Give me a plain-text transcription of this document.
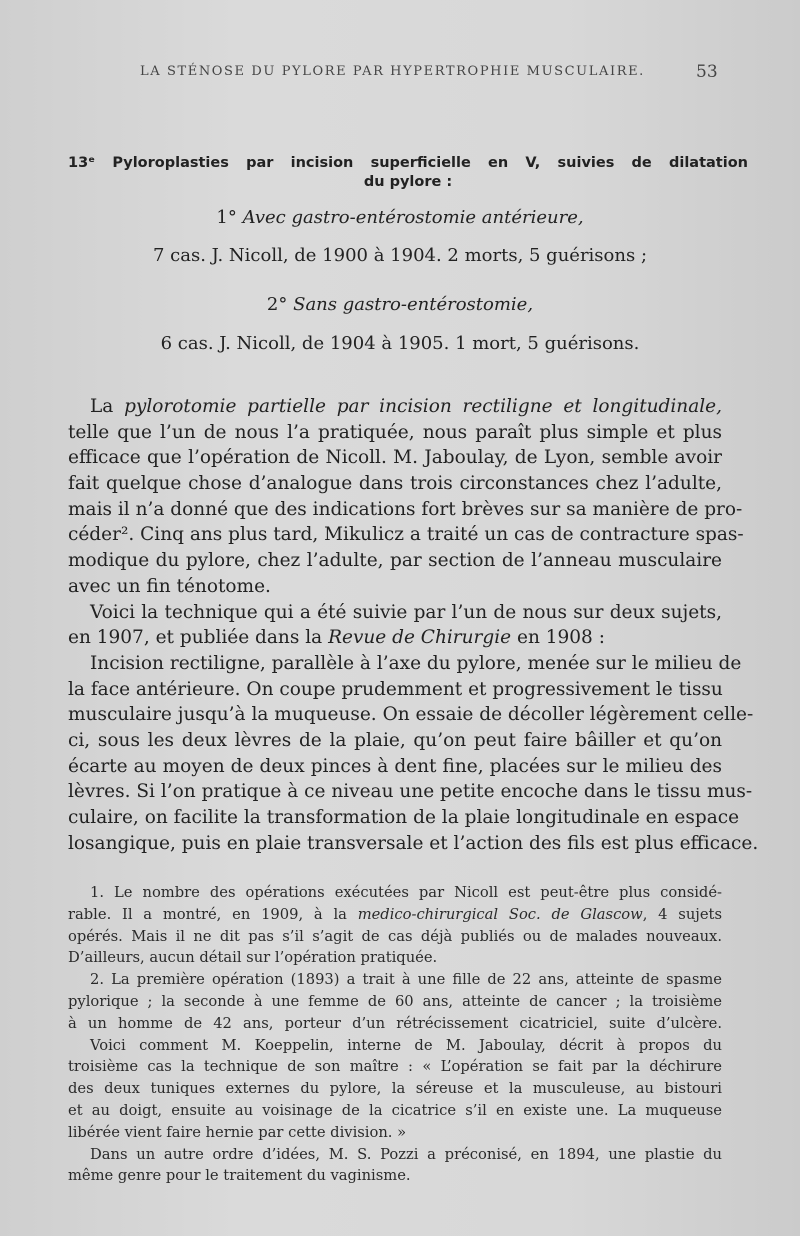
LA STÉNOSE DU PYLORE PAR HYPERTROPHIE MUSCULAIRE.	53
13ᵉ Pyloroplasties par incision superficielle en V, suivies de dilatation
du pylore :
1° Avec gastro-entérostomie antérieure,
7 cas. J. Nicoll, de 1900 à 1904. 2 morts, 5 guérisons ;
2° Sans gastro-entérostomie,
6 cas. J. Nicoll, de 1904 à 1905. 1 mort, 5 guérisons.
La pylorotomie partielle par incision rectiligne et longitudinale,
telle que l’un de nous l’a pratiquée, nous paraît plus simple et plus
efficace que l’opération de Nicoll. M. Jaboulay, de Lyon, semble avoir
fait quelque chose d’analogue dans trois circonstances chez l’adulte,
mais il n’a donné que des indications fort brèves sur sa manière de pro-
céder². Cinq ans plus tard, Mikulicz a traité un cas de contracture spas-
modique du pylore, chez l’adulte, par section de l’anneau musculaire
avec un fin ténotome.
Voici la technique qui a été suivie par l’un de nous sur deux sujets,
en 1907, et publiée dans la Revue de Chirurgie en 1908 :
Incision rectiligne, parallèle à l’axe du pylore, menée sur le milieu de
la face antérieure. On coupe prudemment et progressivement le tissu
musculaire jusqu’à la muqueuse. On essaie de décoller légèrement celle-
ci, sous les deux lèvres de la plaie, qu’on peut faire bâiller et qu’on
écarte au moyen de deux pinces à dent fine, placées sur le milieu des
lèvres. Si l’on pratique à ce niveau une petite encoche dans le tissu mus-
culaire, on facilite la transformation de la plaie longitudinale en espace
losangique, puis en plaie transversale et l’action des fils est plus efficace.
1. Le nombre des opérations exécutées par Nicoll est peut-être plus considé-
rable. Il a montré, en 1909, à la medico-chirurgical Soc. de Glascow, 4 sujets
opérés. Mais il ne dit pas s’il s’agit de cas déjà publiés ou de malades nouveaux.
D’ailleurs, aucun détail sur l’opération pratiquée.
2. La première opération (1893) a trait à une fille de 22 ans, atteinte de spasme
pylorique ; la seconde à une femme de 60 ans, atteinte de cancer ; la troisième
à un homme de 42 ans, porteur d’un rétrécissement cicatriciel, suite d’ulcère.
Voici comment M. Koeppelin, interne de M. Jaboulay, décrit à propos du
troisième cas la technique de son maître : « L’opération se fait par la déchirure
des deux tuniques externes du pylore, la séreuse et la musculeuse, au bistouri
et au doigt, ensuite au voisinage de la cicatrice s’il en existe une. La muqueuse
libérée vient faire hernie par cette division. »
Dans un autre ordre d’idées, M. S. Pozzi a préconisé, en 1894, une plastie du
même genre pour le traitement du vaginisme.
